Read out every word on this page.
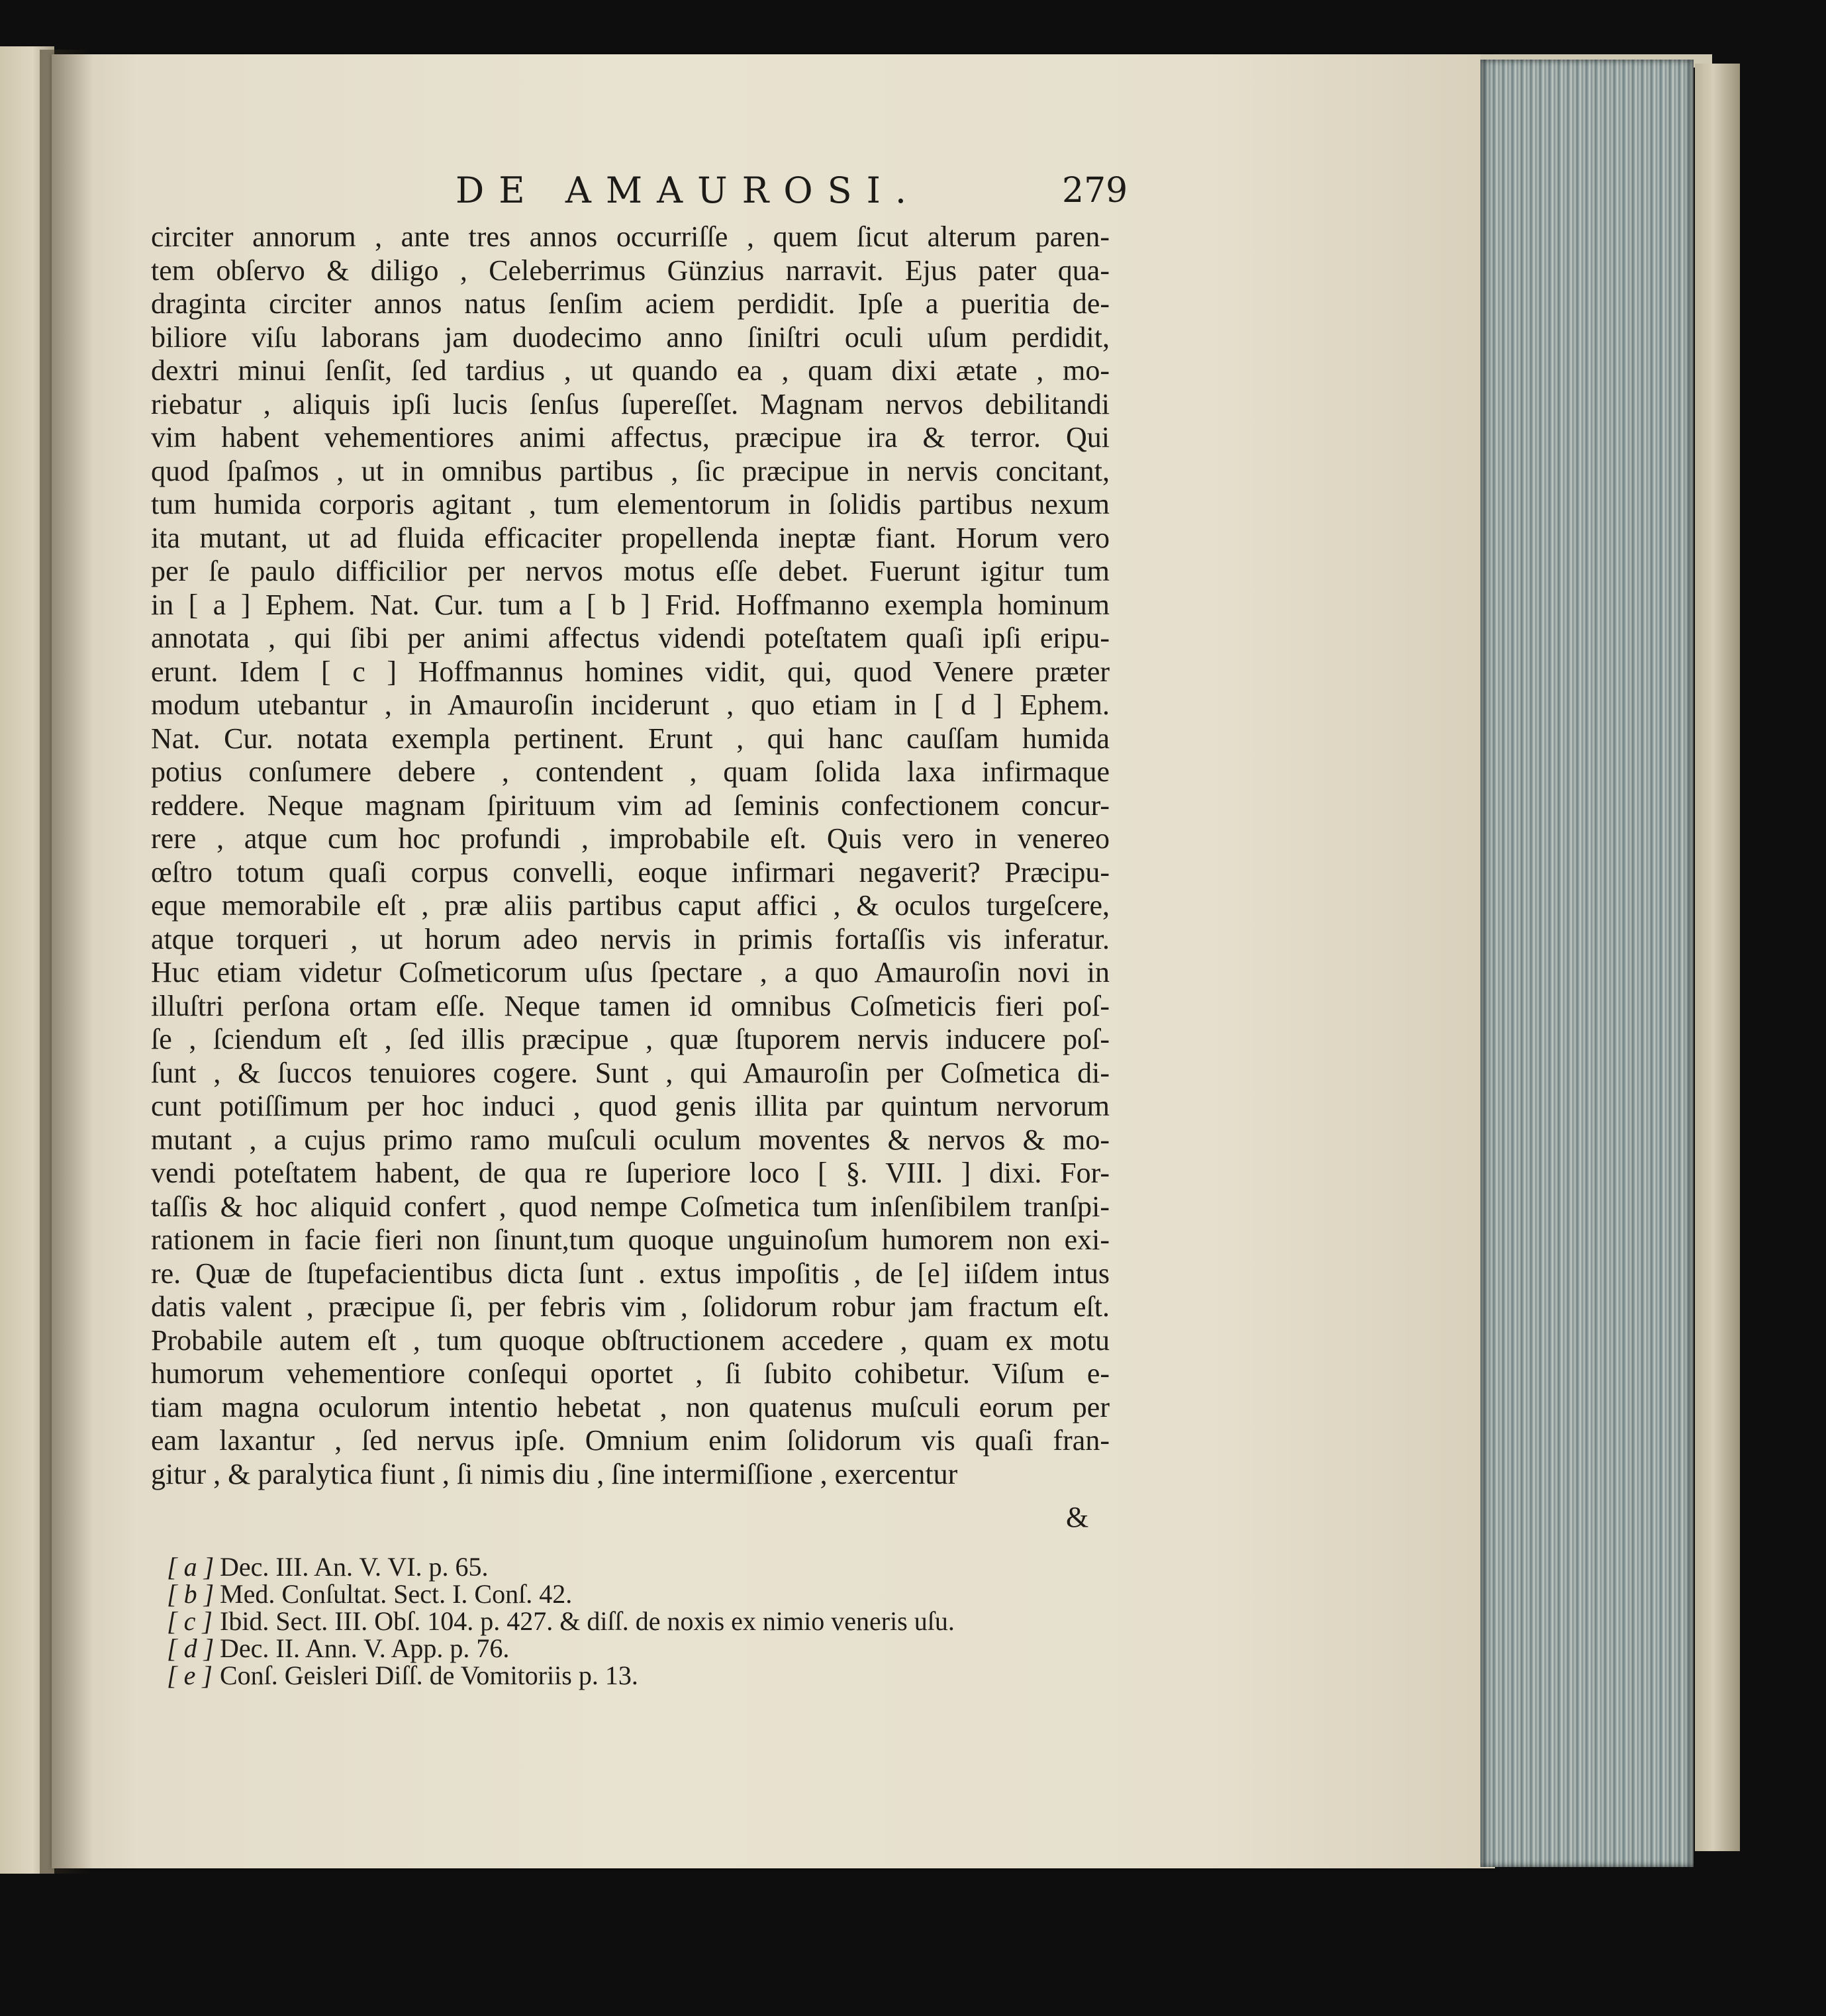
DE AMAUROSI.	279
circiter annorum , ante tres annos occurriſſe , quem ſicut alterum paren-
tem obſervo & diligo , Celeberrimus Günzius narravit. Ejus pater qua-
draginta circiter annos natus ſenſim aciem perdidit. Ipſe a pueritia de-
biliore viſu laborans jam duodecimo anno ſiniſtri oculi uſum perdidit,
dextri minui ſenſit, ſed tardius , ut quando ea , quam dixi ætate , mo-
riebatur , aliquis ipſi lucis ſenſus ſupereſſet. Magnam nervos debilitandi
vim habent vehementiores animi affectus, præcipue ira & terror. Qui
quod ſpaſmos , ut in omnibus partibus , ſic præcipue in nervis concitant,
tum humida corporis agitant , tum elementorum in ſolidis partibus nexum
ita mutant, ut ad fluida efficaciter propellenda ineptæ fiant. Horum vero
per ſe paulo difficilior per nervos motus eſſe debet. Fuerunt igitur tum
in [ a ] Ephem. Nat. Cur. tum a [ b ] Frid. Hoffmanno exempla hominum
annotata , qui ſibi per animi affectus videndi poteſtatem quaſi ipſi eripu-
erunt. Idem [ c ] Hoffmannus homines vidit, qui, quod Venere præter
modum utebantur , in Amauroſin inciderunt , quo etiam in [ d ] Ephem.
Nat. Cur. notata exempla pertinent. Erunt , qui hanc cauſſam humida
potius conſumere debere , contendent , quam ſolida laxa infirmaque
reddere. Neque magnam ſpirituum vim ad ſeminis confectionem concur-
rere , atque cum hoc profundi , improbabile eſt. Quis vero in venereo
œſtro totum quaſi corpus convelli, eoque infirmari negaverit? Præcipu-
eque memorabile eſt , præ aliis partibus caput affici , & oculos turgeſcere,
atque torqueri , ut horum adeo nervis in primis fortaſſis vis inferatur.
Huc etiam videtur Coſmeticorum uſus ſpectare , a quo Amauroſin novi in
illuſtri perſona ortam eſſe. Neque tamen id omnibus Coſmeticis fieri poſ-
ſe , ſciendum eſt , ſed illis præcipue , quæ ſtuporem nervis inducere poſ-
ſunt , & ſuccos tenuiores cogere. Sunt , qui Amauroſin per Coſmetica di-
cunt potiſſimum per hoc induci , quod genis illita par quintum nervorum
mutant , a cujus primo ramo muſculi oculum moventes & nervos & mo-
vendi poteſtatem habent, de qua re ſuperiore loco [ §. VIII. ] dixi. For-
taſſis & hoc aliquid confert , quod nempe Coſmetica tum inſenſibilem tranſpi-
rationem in facie fieri non ſinunt,tum quoque unguinoſum humorem non exi-
re. Quæ de ſtupefacientibus dicta ſunt . extus impoſitis , de [e] iiſdem intus
datis valent , præcipue ſi, per febris vim , ſolidorum robur jam fractum eſt.
Probabile autem eſt , tum quoque obſtructionem accedere , quam ex motu
humorum vehementiore conſequi oportet , ſi ſubito cohibetur. Viſum e-
tiam magna oculorum intentio hebetat , non quatenus muſculi eorum per
eam laxantur , ſed nervus ipſe. Omnium enim ſolidorum vis quaſi fran-
gitur , & paralytica fiunt , ſi nimis diu , ſine intermiſſione , exercentur
&
[ a ] Dec. III. An. V. VI. p. 65.
[ b ] Med. Conſultat. Sect. I. Conſ. 42.
[ c ] Ibid. Sect. III. Obſ. 104. p. 427. & diſſ. de noxis ex nimio veneris uſu.
[ d ] Dec. II. Ann. V. App. p. 76.
[ e ] Conſ. Geisleri Diſſ. de Vomitoriis p. 13.
